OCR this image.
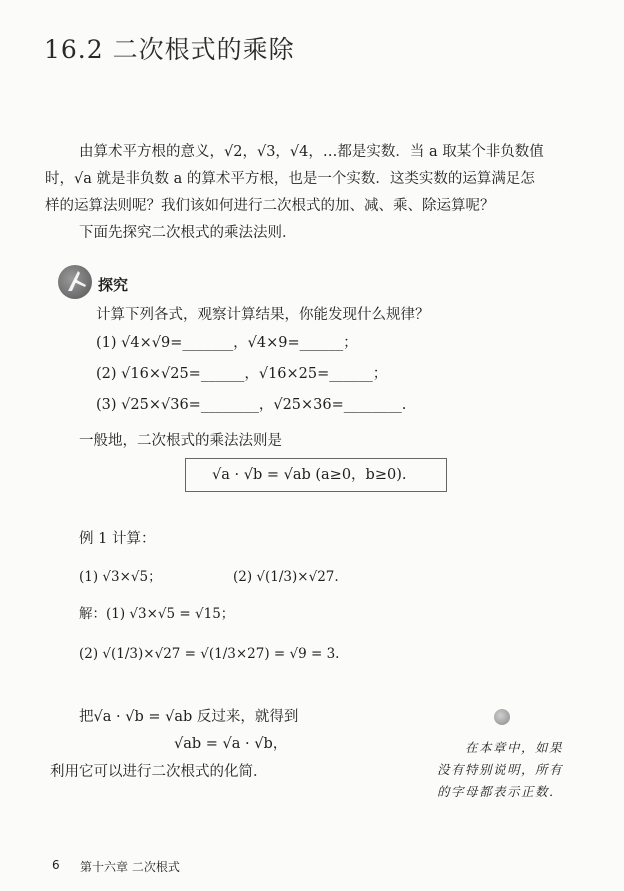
16.2 二次根式的乘除
由算术平方根的意义，√2，√3，√4，…都是实数．当 a 取某个非负数值
时，√a 就是非负数 a 的算术平方根，也是一个实数．这类实数的运算满足怎
样的运算法则呢？我们该如何进行二次根式的加、减、乘、除运算呢？
下面先探究二次根式的乘法法则．
探究
计算下列各式，观察计算结果，你能发现什么规律？
(1) √4×√9=_______，√4×9=______；
(2) √16×√25=______，√16×25=______；
(3) √25×√36=________，√25×36=________.
一般地，二次根式的乘法法则是
√a · √b = √ab (a≥0，b≥0).
例 1 计算：
(1) √3×√5；	(2) √(1/3)×√27.
解：(1) √3×√5 = √15；
(2) √(1/3)×√27 = √(1/3×27) = √9 = 3.
把√a · √b = √ab 反过来，就得到
√ab = √a · √b，
利用它可以进行二次根式的化简．
在本章中，如果
没有特别说明，所有
的字母都表示正数．
6 第十六章 二次根式
